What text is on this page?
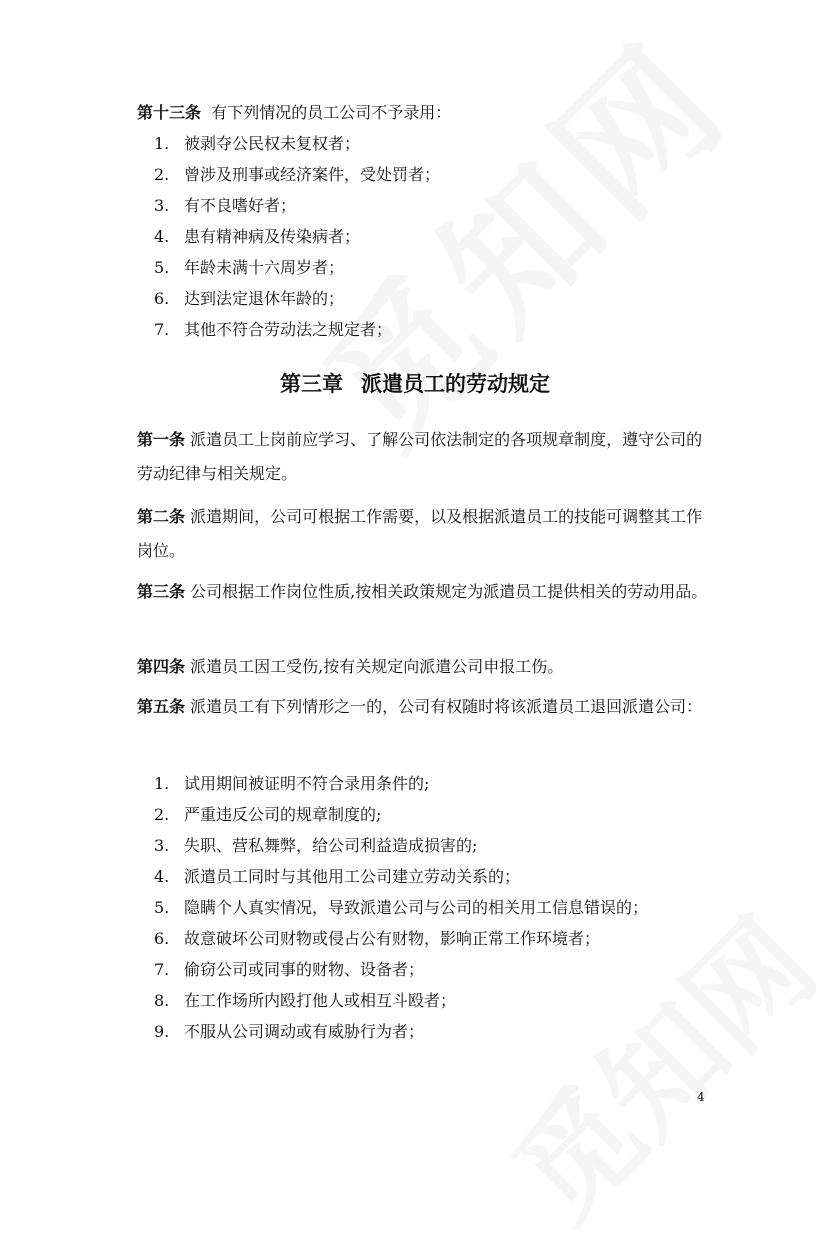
第十三条 有下列情况的员工公司不予录用：
1. 被剥夺公民权未复权者；
2. 曾涉及刑事或经济案件，受处罚者；
3. 有不良嗜好者；
4. 患有精神病及传染病者；
5. 年龄未满十六周岁者；
6. 达到法定退休年龄的；
7. 其他不符合劳动法之规定者；
第三章 派遣员工的劳动规定
第一条 派遣员工上岗前应学习、了解公司依法制定的各项规章制度，遵守公司的劳动纪律与相关规定。
第二条 派遣期间，公司可根据工作需要，以及根据派遣员工的技能可调整其工作岗位。
第三条 公司根据工作岗位性质,按相关政策规定为派遣员工提供相关的劳动用品。
第四条 派遣员工因工受伤,按有关规定向派遣公司申报工伤。
第五条 派遣员工有下列情形之一的，公司有权随时将该派遣员工退回派遣公司：
1. 试用期间被证明不符合录用条件的;
2. 严重违反公司的规章制度的;
3. 失职、营私舞弊，给公司利益造成损害的;
4. 派遣员工同时与其他用工公司建立劳动关系的；
5. 隐瞒个人真实情况，导致派遣公司与公司的相关用工信息错误的；
6. 故意破坏公司财物或侵占公有财物，影响正常工作环境者；
7. 偷窃公司或同事的财物、设备者；
8. 在工作场所内殴打他人或相互斗殴者；
9. 不服从公司调动或有威胁行为者；
4
